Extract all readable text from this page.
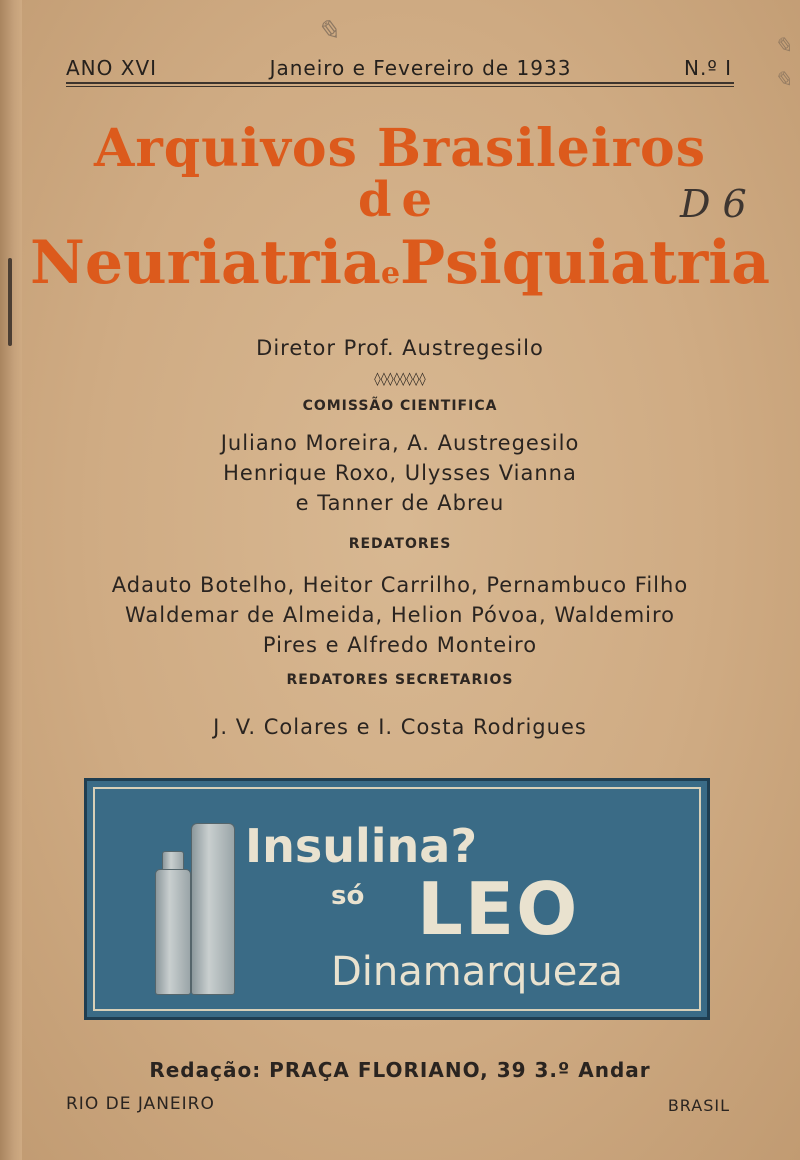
✎	✎
✎
ANO XVI	Janeiro e Fevereiro de 1933	N.º I
Arquivos Brasileiros
de
NeuriatriaePsiquiatria
D 6
Diretor Prof. Austregesilo
◊◊◊◊◊◊◊◊
COMISSÃO CIENTIFICA
Juliano Moreira, A. Austregesilo
Henrique Roxo, Ulysses Vianna
e Tanner de Abreu
REDATORES
Adauto Botelho, Heitor Carrilho, Pernambuco Filho
Waldemar de Almeida, Helion Póvoa, Waldemiro
Pires e Alfredo Monteiro
REDATORES SECRETARIOS
J. V. Colares e I. Costa Rodrigues
Insulina?
só LEO
Dinamarqueza
Redação: PRAÇA FLORIANO, 39 3.º Andar
RIO DE JANEIRO	BRASIL
